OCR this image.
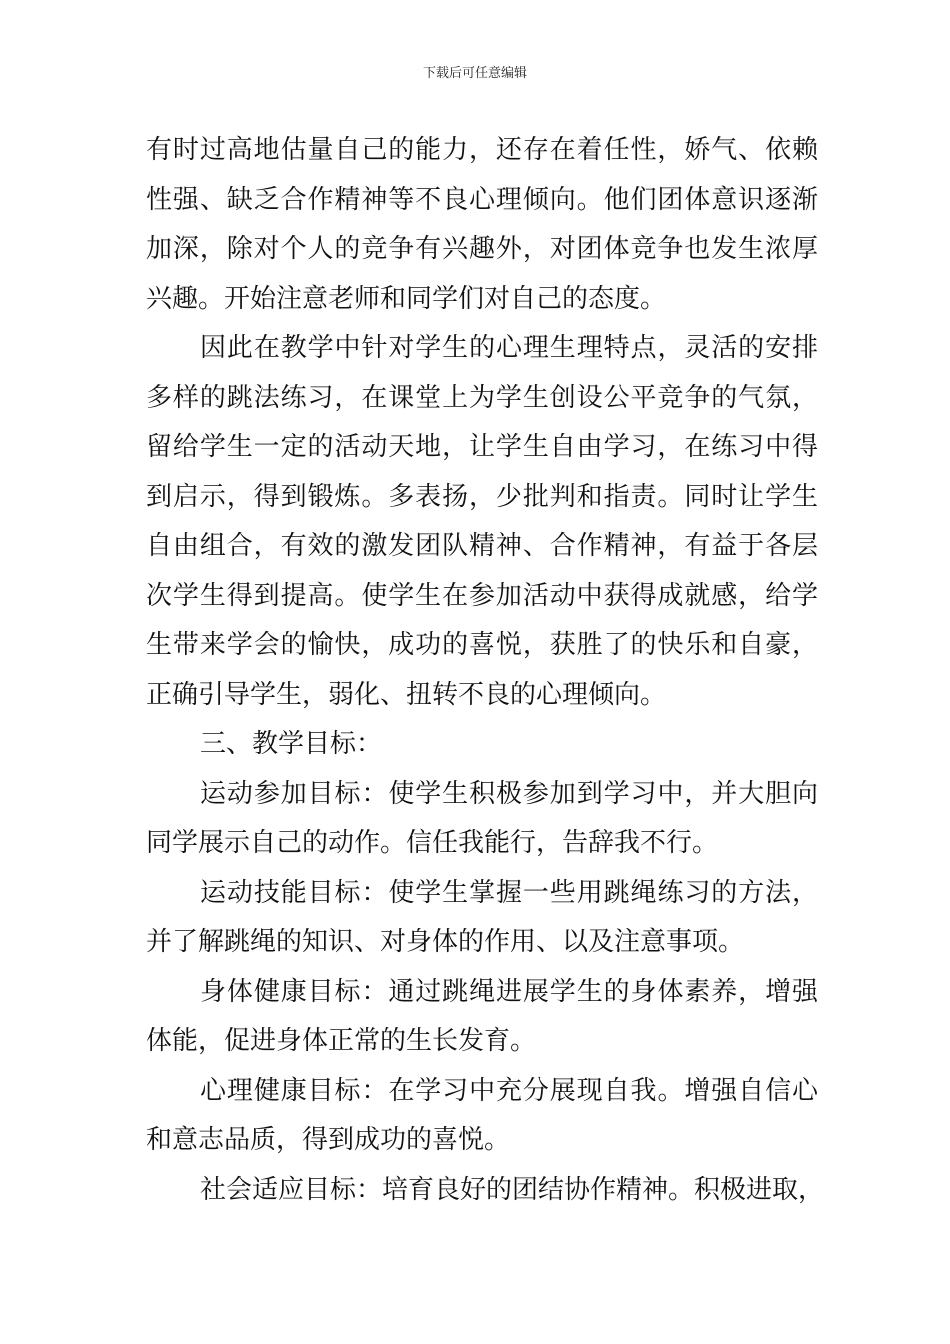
下载后可任意编辑
有时过高地估量自己的能力，还存在着任性，娇气、依赖
性强、缺乏合作精神等不良心理倾向。他们团体意识逐渐
加深，除对个人的竞争有兴趣外，对团体竞争也发生浓厚
兴趣。开始注意老师和同学们对自己的态度。
因此在教学中针对学生的心理生理特点，灵活的安排
多样的跳法练习，在课堂上为学生创设公平竞争的气氛，
留给学生一定的活动天地，让学生自由学习，在练习中得
到启示，得到锻炼。多表扬，少批判和指责。同时让学生
自由组合，有效的激发团队精神、合作精神，有益于各层
次学生得到提高。使学生在参加活动中获得成就感，给学
生带来学会的愉快，成功的喜悦，获胜了的快乐和自豪，
正确引导学生，弱化、扭转不良的心理倾向。
三、教学目标：
运动参加目标：使学生积极参加到学习中，并大胆向
同学展示自己的动作。信任我能行，告辞我不行。
运动技能目标：使学生掌握一些用跳绳练习的方法，
并了解跳绳的知识、对身体的作用、以及注意事项。
身体健康目标：通过跳绳进展学生的身体素养，增强
体能，促进身体正常的生长发育。
心理健康目标：在学习中充分展现自我。增强自信心
和意志品质，得到成功的喜悦。
社会适应目标：培育良好的团结协作精神。积极进取，
